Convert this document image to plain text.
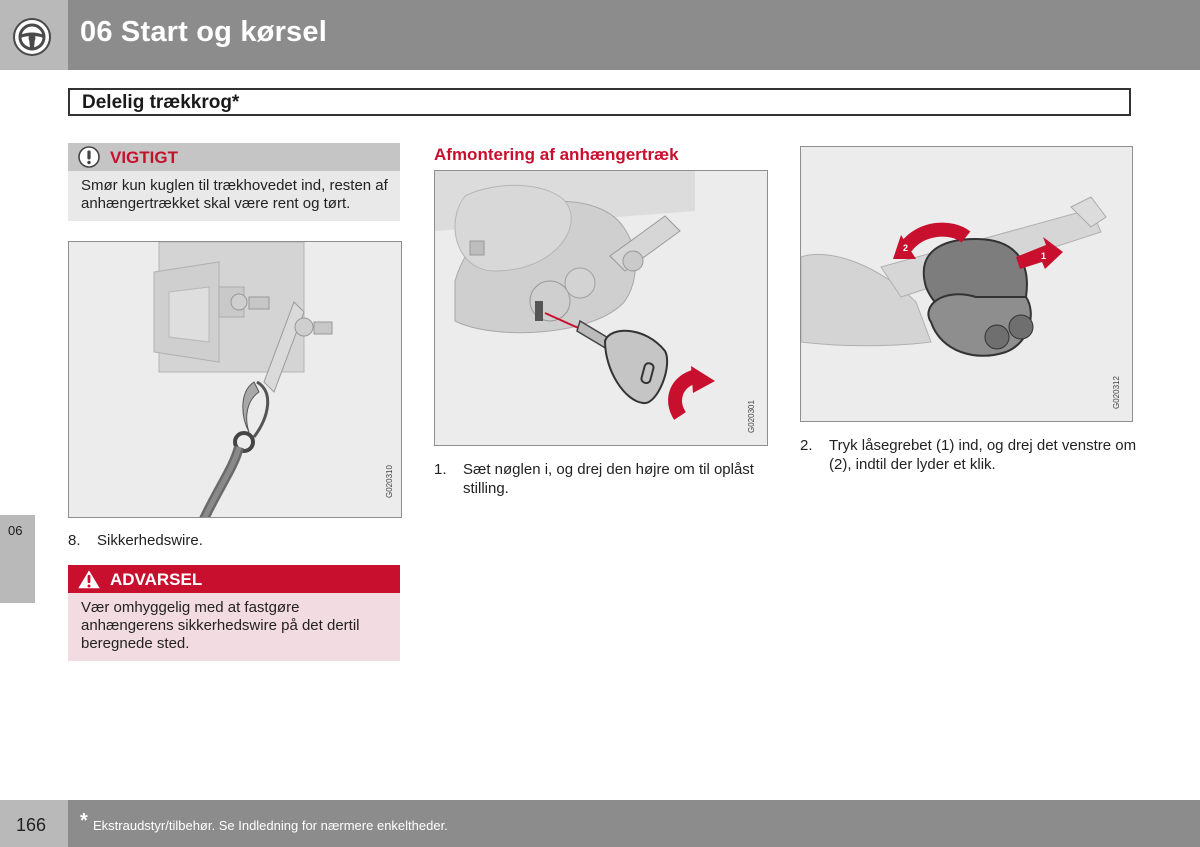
06 Start og kørsel
Delelig trækkrog*
06
VIGTIGT
Smør kun kuglen til trækhovedet ind, resten af anhængertrækket skal være rent og tørt.
G020310
8. Sikkerhedswire.
ADVARSEL
Vær omhyggelig med at fastgøre anhængerens sikkerhedswire på det dertil beregnede sted.
Afmontering af anhængertræk
G020301
1. Sæt nøglen i, og drej den højre om til oplåst stilling.
2
1
G020312
2. Tryk låsegrebet (1) ind, og drej det venstre om (2), indtil der lyder et klik.
166 * Ekstraudstyr/tilbehør. Se Indledning for nærmere enkeltheder.
